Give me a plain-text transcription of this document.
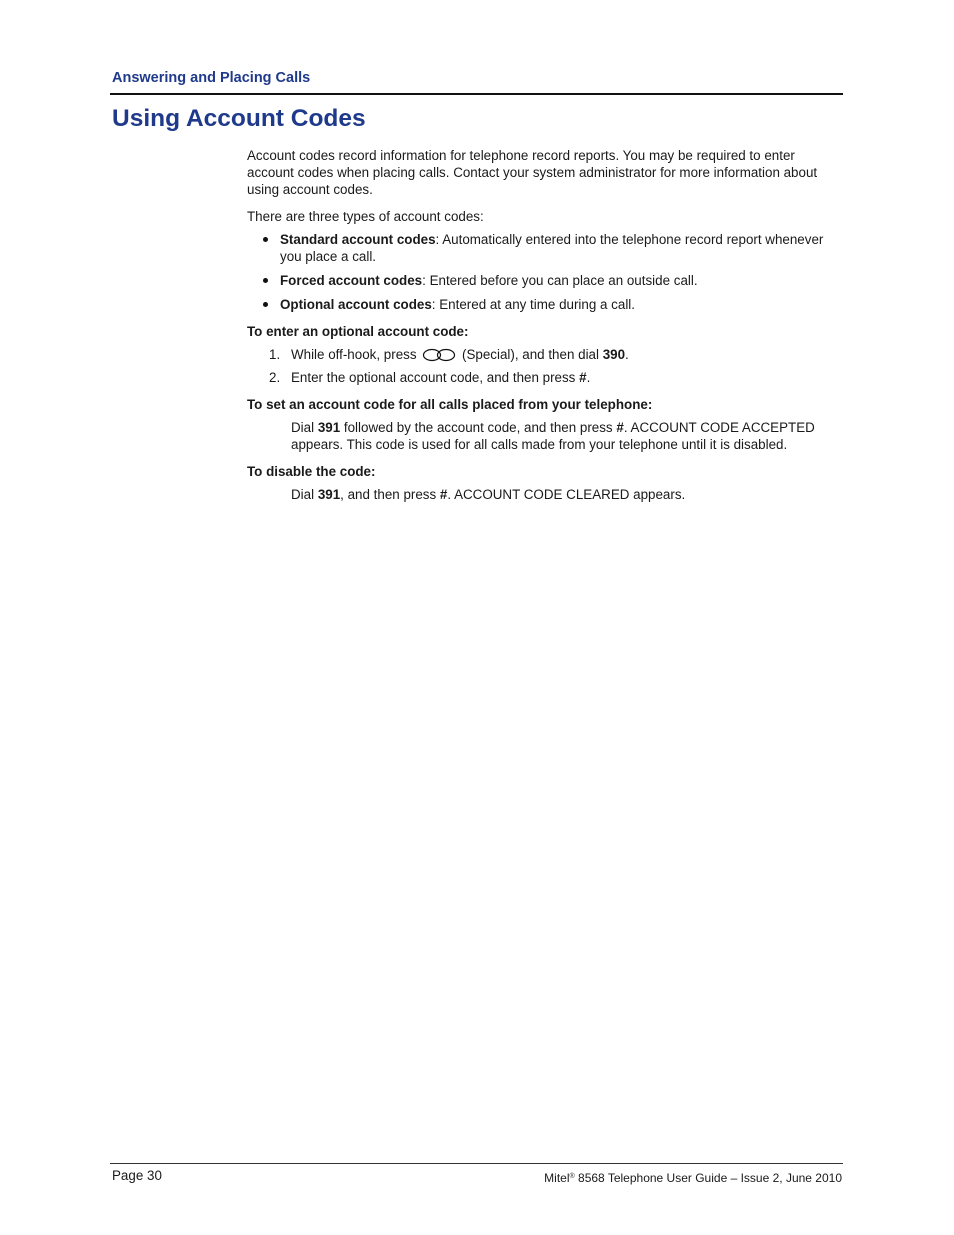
Answering and Placing Calls
Using Account Codes

Account codes record information for telephone record reports. You may be required to enter account codes when placing calls. Contact your system administrator for more information about using account codes.

There are three types of account codes:

Standard account codes: Automatically entered into the telephone record report whenever you place a call.
Forced account codes: Entered before you can place an outside call.
Optional account codes: Entered at any time during a call.

To enter an optional account code:

1. While off-hook, press	(Special), and then dial 390.
2. Enter the optional account code, and then press #.

To set an account code for all calls placed from your telephone:

Dial 391 followed by the account code, and then press #. ACCOUNT CODE ACCEPTED appears. This code is used for all calls made from your telephone until it is disabled.

To disable the code:

Dial 391, and then press #. ACCOUNT CODE CLEARED appears.

Page 30	Mitel® 8568 Telephone User Guide – Issue 2, June 2010
